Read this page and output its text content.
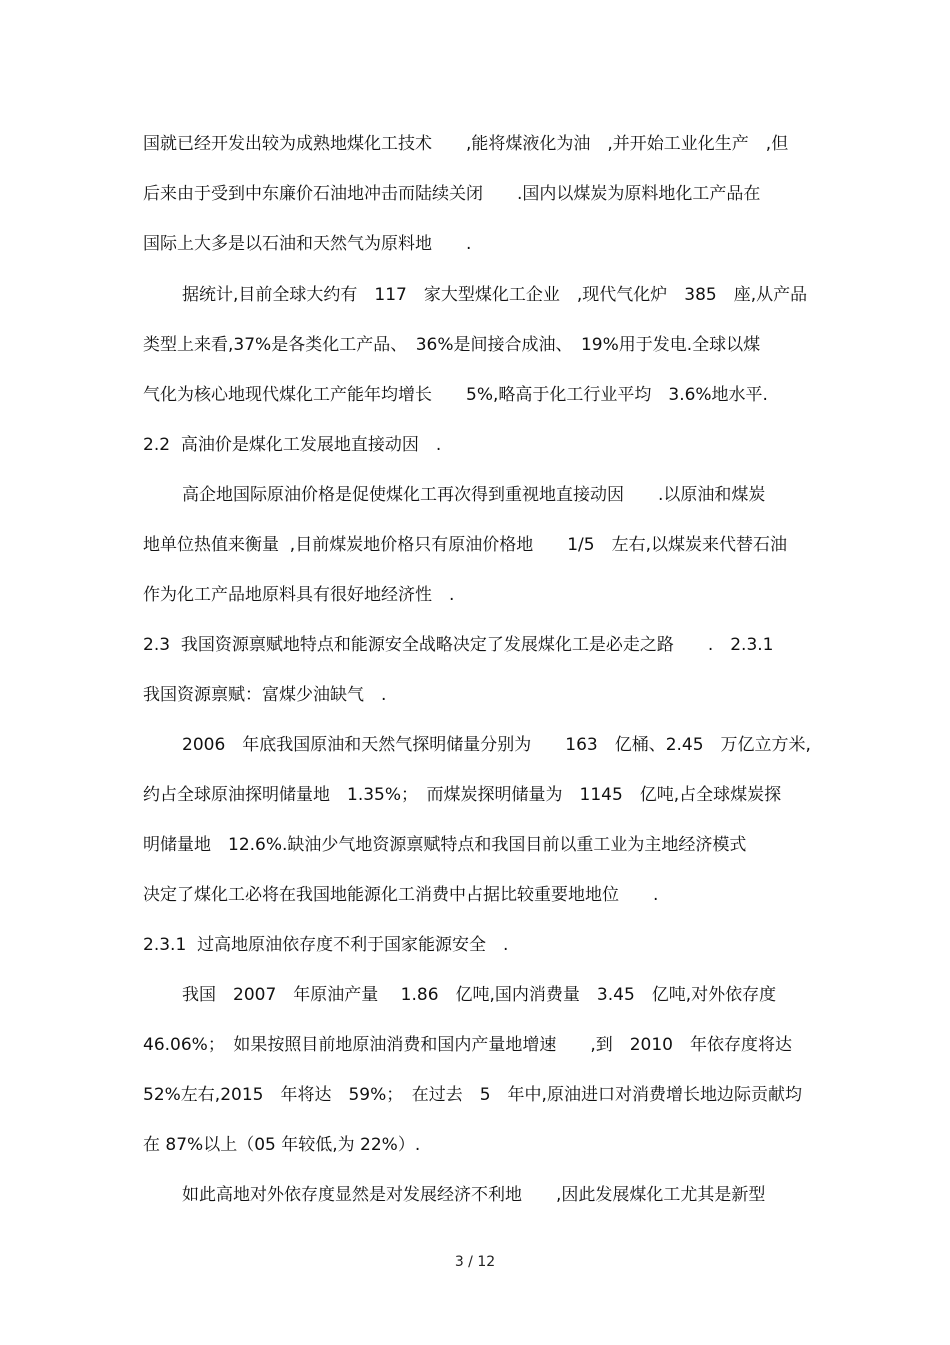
国就已经开发出较为成熟地煤化工技术　　,能将煤液化为油　,并开始工业化生产　,但
后来由于受到中东廉价石油地冲击而陆续关闭　　.国内以煤炭为原料地化工产品在
国际上大多是以石油和天然气为原料地　　.
据统计,目前全球大约有　117　家大型煤化工企业　,现代气化炉　385　座,从产品
类型上来看,37%是各类化工产品、　36%是间接合成油、　19%用于发电.全球以煤
气化为核心地现代煤化工产能年均增长　　5%,略高于化工行业平均　3.6%地水平.
2.2  高油价是煤化工发展地直接动因　.
高企地国际原油价格是促使煤化工再次得到重视地直接动因　　.以原油和煤炭
地单位热值来衡量  ,目前煤炭地价格只有原油价格地　　1/5　左右,以煤炭来代替石油
作为化工产品地原料具有很好地经济性　.
2.3  我国资源禀赋地特点和能源安全战略决定了发展煤化工是必走之路　　.　2.3.1
我国资源禀赋：富煤少油缺气　.
2006　年底我国原油和天然气探明储量分别为　　163　亿桶、2.45　万亿立方米,
约占全球原油探明储量地　1.35%；　而煤炭探明储量为　1145　亿吨,占全球煤炭探
明储量地　12.6%.缺油少气地资源禀赋特点和我国目前以重工业为主地经济模式
决定了煤化工必将在我国地能源化工消费中占据比较重要地地位　　.
2.3.1  过高地原油依存度不利于国家能源安全　.
我国　2007　年原油产量　 1.86　亿吨,国内消费量　3.45　亿吨,对外依存度
46.06%；　如果按照目前地原油消费和国内产量地增速　　,到　2010　年依存度将达
52%左右,2015　年将达　59%；　在过去　5　年中,原油进口对消费增长地边际贡献均
在 87%以上（05 年较低,为 22%）.
如此高地对外依存度显然是对发展经济不利地　　,因此发展煤化工尤其是新型
3 / 12
